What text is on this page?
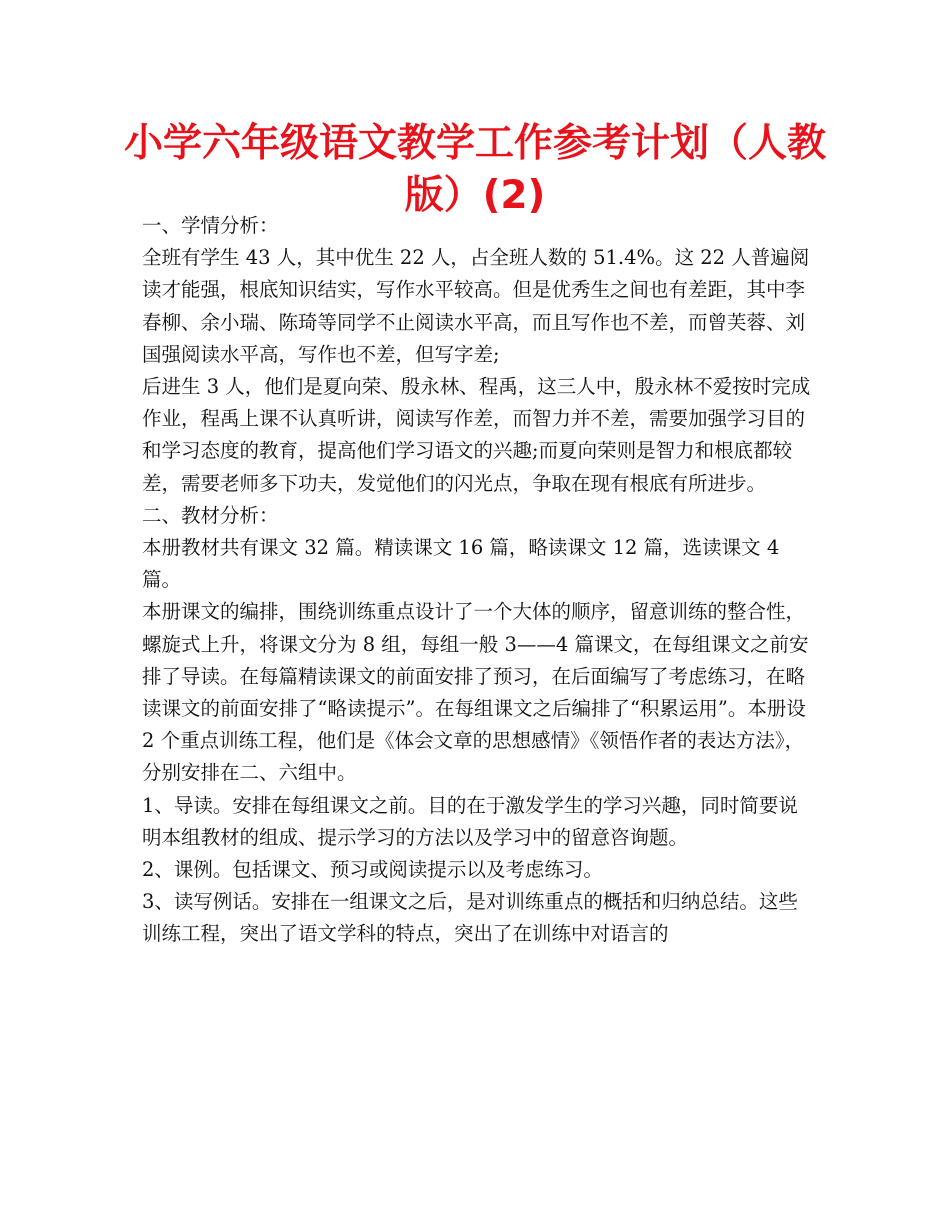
小学六年级语文教学工作参考计划（人教版）(2)

一、学情分析：

全班有学生 43 人，其中优生 22 人，占全班人数的 51.4%。这 22 人普遍阅读才能强，根底知识结实，写作水平较高。但是优秀生之间也有差距，其中李春柳、余小瑞、陈琦等同学不止阅读水平高，而且写作也不差，而曾芙蓉、刘国强阅读水平高，写作也不差，但写字差;

后进生 3 人，他们是夏向荣、殷永林、程禹，这三人中，殷永林不爱按时完成作业，程禹上课不认真听讲，阅读写作差，而智力并不差，需要加强学习目的和学习态度的教育，提高他们学习语文的兴趣;而夏向荣则是智力和根底都较差，需要老师多下功夫，发觉他们的闪光点，争取在现有根底有所进步。

二、教材分析：

本册教材共有课文 32 篇。精读课文 16 篇，略读课文 12 篇，选读课文 4 篇。

本册课文的编排，围绕训练重点设计了一个大体的顺序，留意训练的整合性，螺旋式上升，将课文分为 8 组，每组一般 3——4 篇课文，在每组课文之前安排了导读。在每篇精读课文的前面安排了预习，在后面编写了考虑练习，在略读课文的前面安排了“略读提示”。在每组课文之后编排了“积累运用”。本册设 2 个重点训练工程，他们是《体会文章的思想感情》《领悟作者的表达方法》，分别安排在二、六组中。

1、导读。安排在每组课文之前。目的在于激发学生的学习兴趣，同时简要说明本组教材的组成、提示学习的方法以及学习中的留意咨询题。

2、课例。包括课文、预习或阅读提示以及考虑练习。

3、读写例话。安排在一组课文之后，是对训练重点的概括和归纳总结。这些训练工程，突出了语文学科的特点，突出了在训练中对语言的
